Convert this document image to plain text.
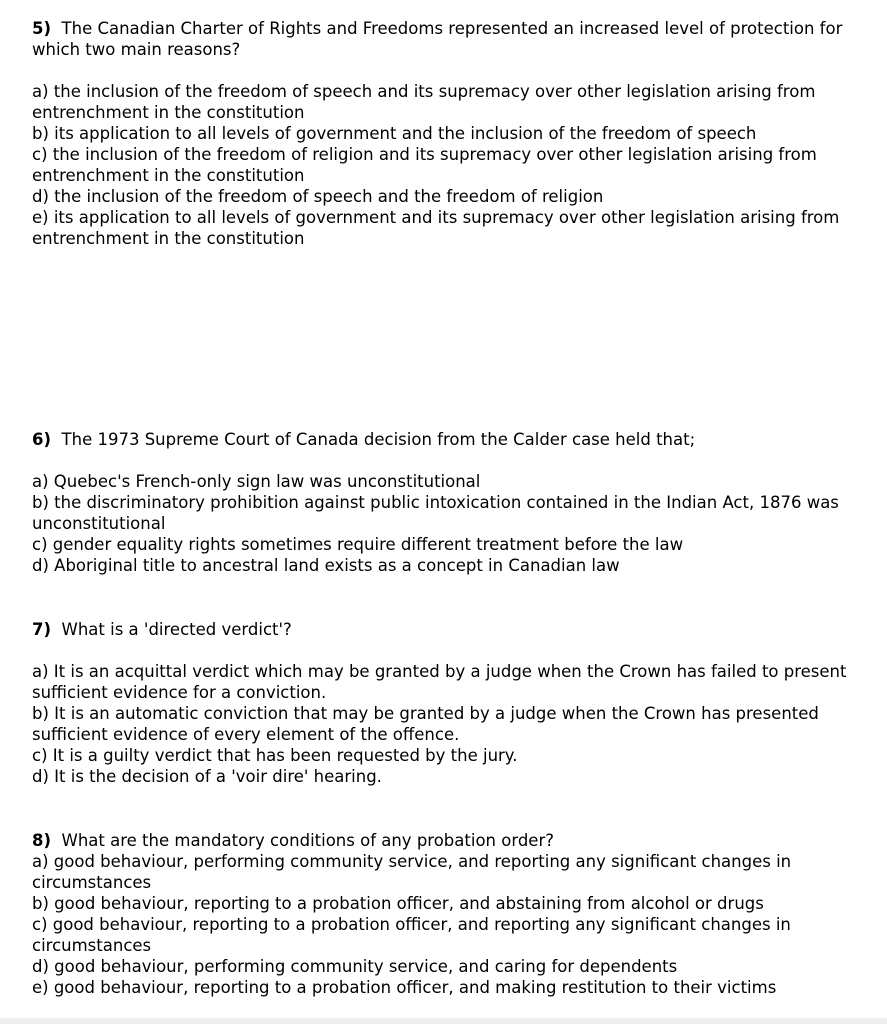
5) The Canadian Charter of Rights and Freedoms represented an increased level of protection for which two main reasons?

a) the inclusion of the freedom of speech and its supremacy over other legislation arising from entrenchment in the constitution
b) its application to all levels of government and the inclusion of the freedom of speech
c) the inclusion of the freedom of religion and its supremacy over other legislation arising from entrenchment in the constitution
d) the inclusion of the freedom of speech and the freedom of religion
e) its application to all levels of government and its supremacy over other legislation arising from entrenchment in the constitution

6) The 1973 Supreme Court of Canada decision from the Calder case held that;

a) Quebec's French-only sign law was unconstitutional
b) the discriminatory prohibition against public intoxication contained in the Indian Act, 1876 was unconstitutional
c) gender equality rights sometimes require different treatment before the law
d) Aboriginal title to ancestral land exists as a concept in Canadian law

7) What is a 'directed verdict'?

a) It is an acquittal verdict which may be granted by a judge when the Crown has failed to present sufficient evidence for a conviction.
b) It is an automatic conviction that may be granted by a judge when the Crown has presented sufficient evidence of every element of the offence.
c) It is a guilty verdict that has been requested by the jury.
d) It is the decision of a 'voir dire' hearing.

8) What are the mandatory conditions of any probation order?

a) good behaviour, performing community service, and reporting any significant changes in circumstances
b) good behaviour, reporting to a probation officer, and abstaining from alcohol or drugs
c) good behaviour, reporting to a probation officer, and reporting any significant changes in circumstances
d) good behaviour, performing community service, and caring for dependents
e) good behaviour, reporting to a probation officer, and making restitution to their victims
